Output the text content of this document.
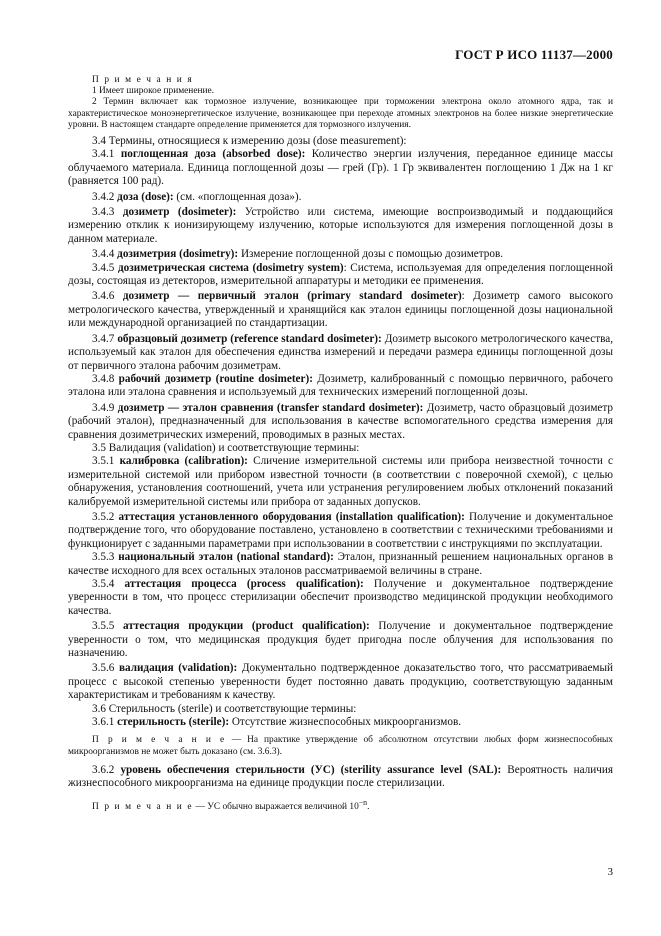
ГОСТ Р ИСО 11137—2000

П р и м е ч а н и я

1 Имеет широкое применение.

2 Термин включает как тормозное излучение, возникающее при торможении электрона около атомного ядра, так и характеристическое моноэнергетическое излучение, возникающее при переходе атомных электронов на более низкие энергетические уровни. В настоящем стандарте определение применяется для тормозного излучения.

3.4 Термины, относящиеся к измерению дозы (dose measurement):

3.4.1 поглощенная доза (absorbed dose): Количество энергии излучения, переданное единице массы облучаемого материала. Единица поглощенной дозы — грей (Гр). 1 Гр эквивалентен поглощению 1 Дж на 1 кг (равняется 100 рад).

3.4.2 доза (dose): (см. «поглощенная доза»).

3.4.3 дозиметр (dosimeter): Устройство или система, имеющие воспроизводимый и поддающийся измерению отклик к ионизирующему излучению, которые используются для измерения поглощенной дозы в данном материале.

3.4.4 дозиметрия (dosimetry): Измерение поглощенной дозы с помощью дозиметров.

3.4.5 дозиметрическая система (dosimetry system): Система, используемая для определения поглощенной дозы, состоящая из детекторов, измерительной аппаратуры и методики ее применения.

3.4.6 дозиметр — первичный эталон (primary standard dosimeter): Дозиметр самого высокого метрологического качества, утвержденный и хранящийся как эталон единицы поглощенной дозы национальной или международной организацией по стандартизации.

3.4.7 образцовый дозиметр (reference standard dosimeter): Дозиметр высокого метрологического качества, используемый как эталон для обеспечения единства измерений и передачи размера единицы поглощенной дозы от первичного эталона рабочим дозиметрам.

3.4.8 рабочий дозиметр (routine dosimeter): Дозиметр, калиброванный с помощью первичного, рабочего эталона или эталона сравнения и используемый для технических измерений поглощенной дозы.

3.4.9 дозиметр — эталон сравнения (transfer standard dosimeter): Дозиметр, часто образцовый дозиметр (рабочий эталон), предназначенный для использования в качестве вспомогательного средства измерения для сравнения дозиметрических измерений, проводимых в разных местах.

3.5 Валидация (validation) и соответствующие термины:

3.5.1 калибровка (calibration): Сличение измерительной системы или прибора неизвестной точности с измерительной системой или прибором известной точности (в соответствии с поверочной схемой), с целью обнаружения, установления соотношений, учета или устранения регулировением любых отклонений показаний калибруемой измерительной системы или прибора от заданных допусков.

3.5.2 аттестация установленного оборудования (installation qualification): Получение и документальное подтверждение того, что оборудование поставлено, установлено в соответствии с техническими требованиями и функционирует с заданными параметрами при использовании в соответствии с инструкциями по эксплуатации.

3.5.3 национальный эталон (national standard): Эталон, признанный решением национальных органов в качестве исходного для всех остальных эталонов рассматриваемой величины в стране.

3.5.4 аттестация процесса (process qualification): Получение и документальное подтверждение уверенности в том, что процесс стерилизации обеспечит производство медицинской продукции необходимого качества.

3.5.5 аттестация продукции (product qualification): Получение и документальное подтверждение уверенности о том, что медицинская продукция будет пригодна после облучения для использования по назначению.

3.5.6 валидация (validation): Документально подтвержденное доказательство того, что рассматриваемый процесс с высокой степенью уверенности будет постоянно давать продукцию, соответствующую заданным характеристикам и требованиям к качеству.

3.6 Стерильность (sterile) и соответствующие термины:

3.6.1 стерильность (sterile): Отсутствие жизнеспособных микроорганизмов.

П р и м е ч а н и е — На практике утверждение об абсолютном отсутствии любых форм жизнеспособных микроорганизмов не может быть доказано (см. 3.6.3).

3.6.2 уровень обеспечения стерильности (УС) (sterility assurance level (SAL): Вероятность наличия жизнеспособного микроорганизма на единице продукции после стерилизации.

П р и м е ч а н и е — УС обычно выражается величиной $10^{-n}$.

3
